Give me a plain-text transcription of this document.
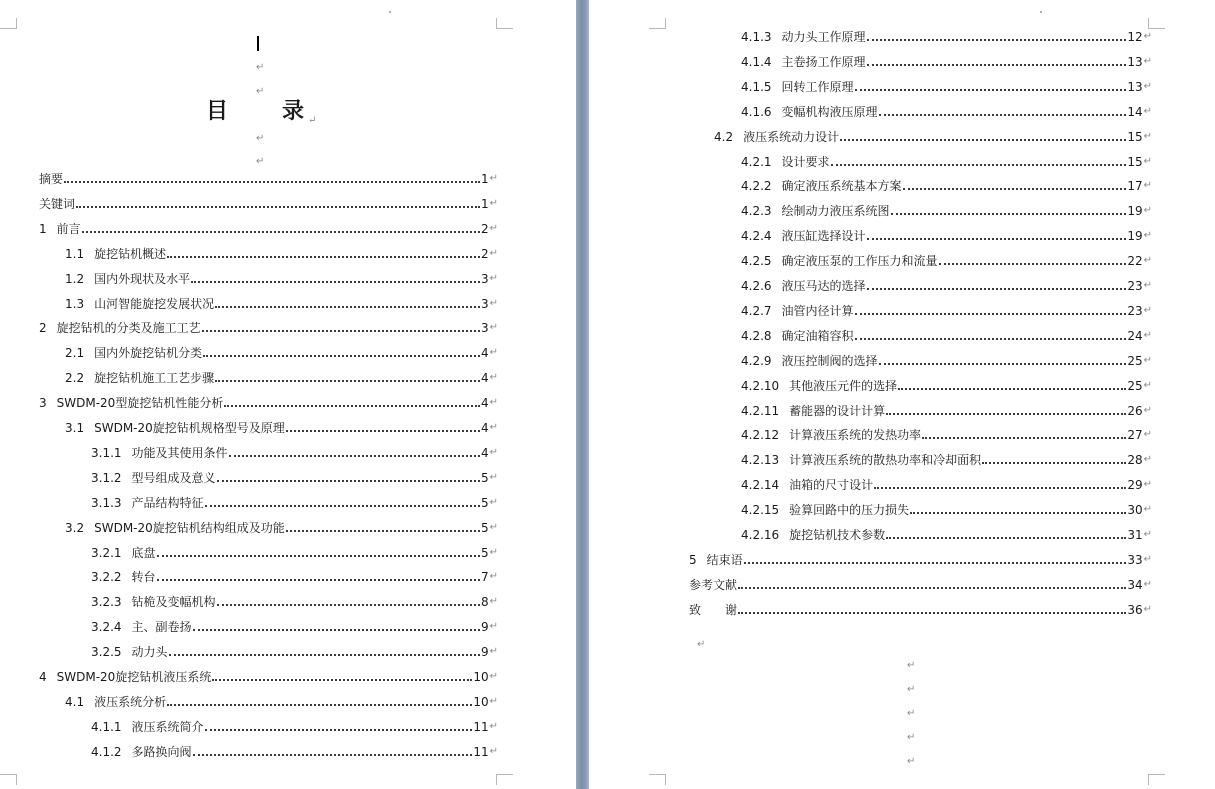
↵
↵
目 录 ↵
↵
↵
摘要	1 ↵
关键词	1 ↵
1 前言	2 ↵
1.1 旋挖钻机概述	2 ↵
1.2 国内外现状及水平	3 ↵
1.3 山河智能旋挖发展状况	3 ↵
2 旋挖钻机的分类及施工工艺	3 ↵
2.1 国内外旋挖钻机分类	4 ↵
2.2 旋挖钻机施工工艺步骤	4 ↵
3 SWDM-20型旋挖钻机性能分析	4 ↵
3.1 SWDM-20旋挖钻机规格型号及原理	4 ↵
3.1.1 功能及其使用条件	4 ↵
3.1.2 型号组成及意义	5 ↵
3.1.3 产品结构特征	5 ↵
3.2 SWDM-20旋挖钻机结构组成及功能	5 ↵
3.2.1 底盘	5 ↵
3.2.2 转台	7 ↵
3.2.3 钻桅及变幅机构	8 ↵
3.2.4 主、副卷扬	9 ↵
3.2.5 动力头	9 ↵
4 SWDM-20旋挖钻机液压系统	10 ↵
4.1 液压系统分析	10 ↵
4.1.1 液压系统简介	11 ↵
4.1.2 多路换向阀	11 ↵
4.1.3 动力头工作原理	12 ↵
4.1.4 主卷扬工作原理	13 ↵
4.1.5 回转工作原理	13 ↵
4.1.6 变幅机构液压原理	14 ↵
4.2 液压系统动力设计	15 ↵
4.2.1 设计要求	15 ↵
4.2.2 确定液压系统基本方案	17 ↵
4.2.3 绘制动力液压系统图	19 ↵
4.2.4 液压缸选择设计	19 ↵
4.2.5 确定液压泵的工作压力和流量	22 ↵
4.2.6 液压马达的选择	23 ↵
4.2.7 油管内径计算	23 ↵
4.2.8 确定油箱容积	24 ↵
4.2.9 液压控制阀的选择	25 ↵
4.2.10 其他液压元件的选择	25 ↵
4.2.11 蓄能器的设计计算	26 ↵
4.2.12 计算液压系统的发热功率	27 ↵
4.2.13 计算液压系统的散热功率和冷却面积	28 ↵
4.2.14 油箱的尺寸设计	29 ↵
4.2.15 验算回路中的压力损失	30 ↵
4.2.16 旋挖钻机技术参数	31 ↵
5 结束语	33 ↵
参考文献	34 ↵
致　　谢	36 ↵
↵
↵
↵
↵
↵
↵
